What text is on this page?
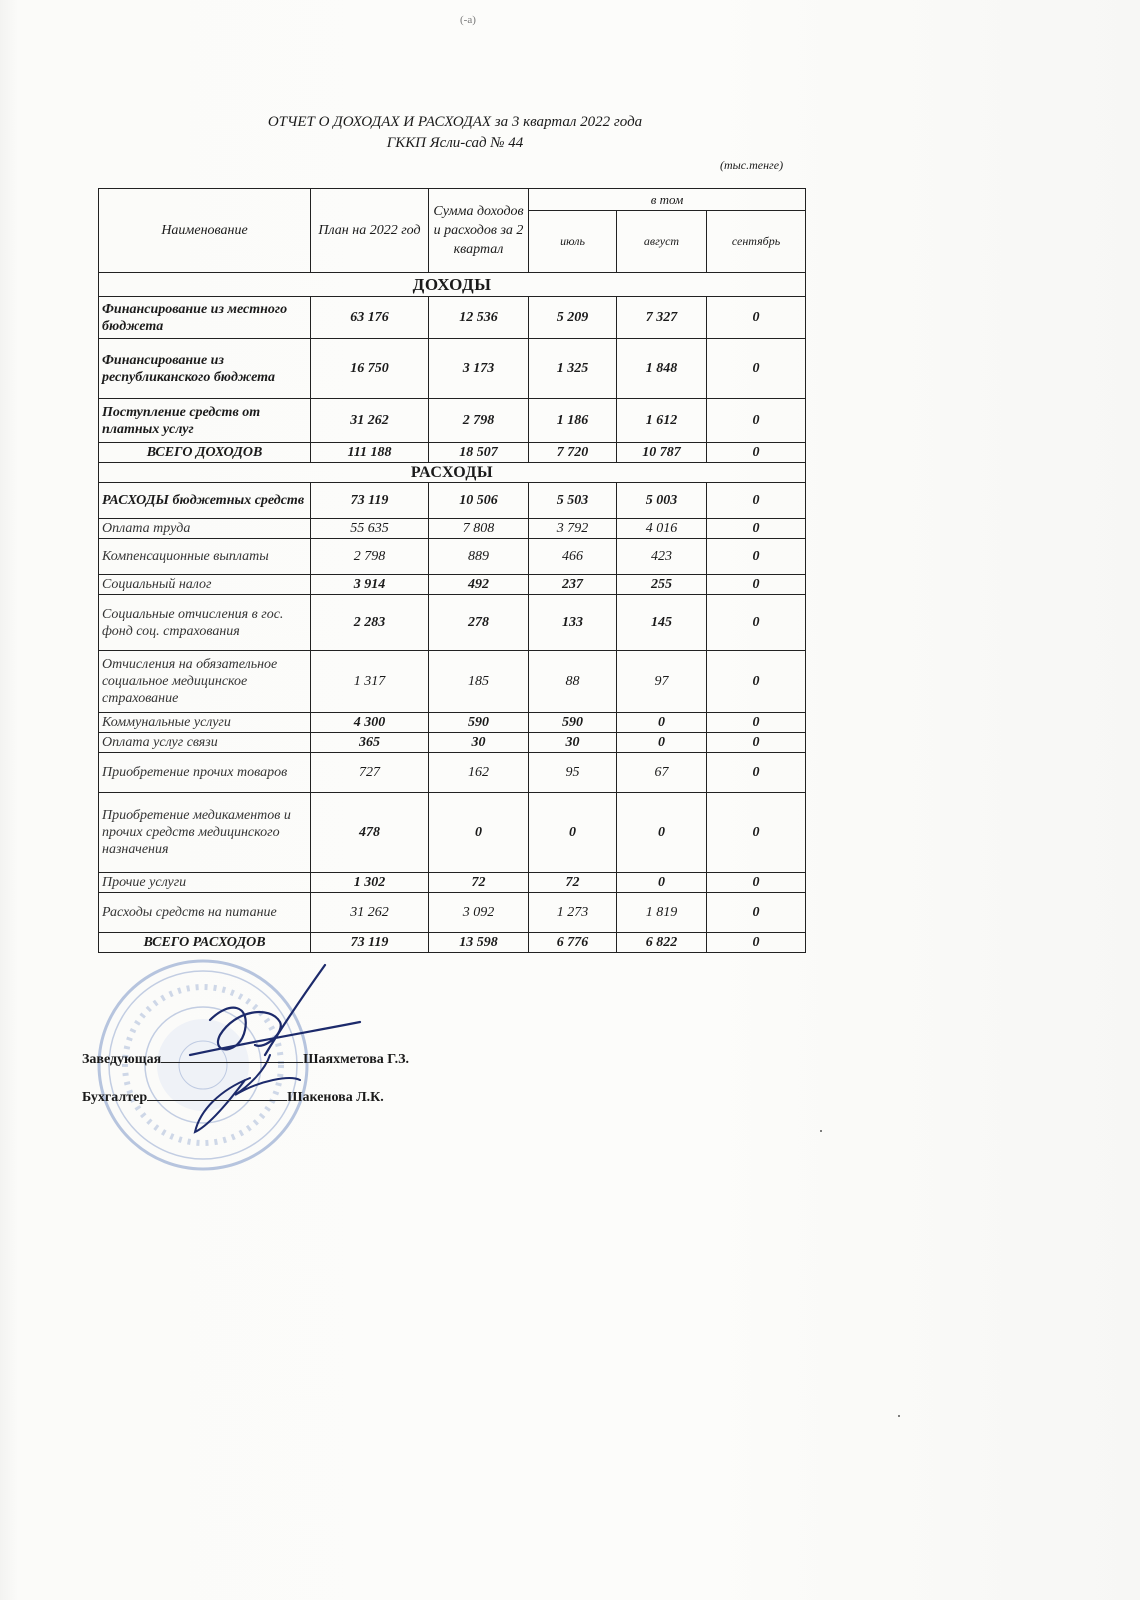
(-а)
ОТЧЕТ О ДОХОДАХ И РАСХОДАХ за 3 квартал 2022 года
ГККП Ясли-сад № 44
(тыс.тенге)
Наименование	План на 2022 год	Сумма доходов и расходов за 2 квартал	в том		
			июль	август	сентябрь
ДОХОДЫ					
Финансирование из местного бюджета	63 176	12 536	5 209	7 327	0
Финансирование из республиканского бюджета	16 750	3 173	1 325	1 848	0
Поступление средств от платных услуг	31 262	2 798	1 186	1 612	0
ВСЕГО ДОХОДОВ	111 188	18 507	7 720	10 787	0
РАСХОДЫ					
РАСХОДЫ бюджетных средств	73 119	10 506	5 503	5 003	0
Оплата труда	55 635	7 808	3 792	4 016	0
Компенсационные выплаты	2 798	889	466	423	0
Социальный налог	3 914	492	237	255	0
Социальные отчисления в гос. фонд соц. страхования	2 283	278	133	145	0
Отчисления на обязательное социальное медицинское страхование	1 317	185	88	97	0
Коммунальные услуги	4 300	590	590	0	0
Оплата услуг связи	365	30	30	0	0
Приобретение прочих товаров	727	162	95	67	0
Приобретение медикаментов и прочих средств медицинского назначения	478	0	0	0	0
Прочие услуги	1 302	72	72	0	0
Расходы средств на питание	31 262	3 092	1 273	1 819	0
ВСЕГО РАСХОДОВ	73 119	13 598	6 776	6 822	0
Заведующая	Шаяхметова Г.З.
Бухгалтер	Шакенова Л.К.
